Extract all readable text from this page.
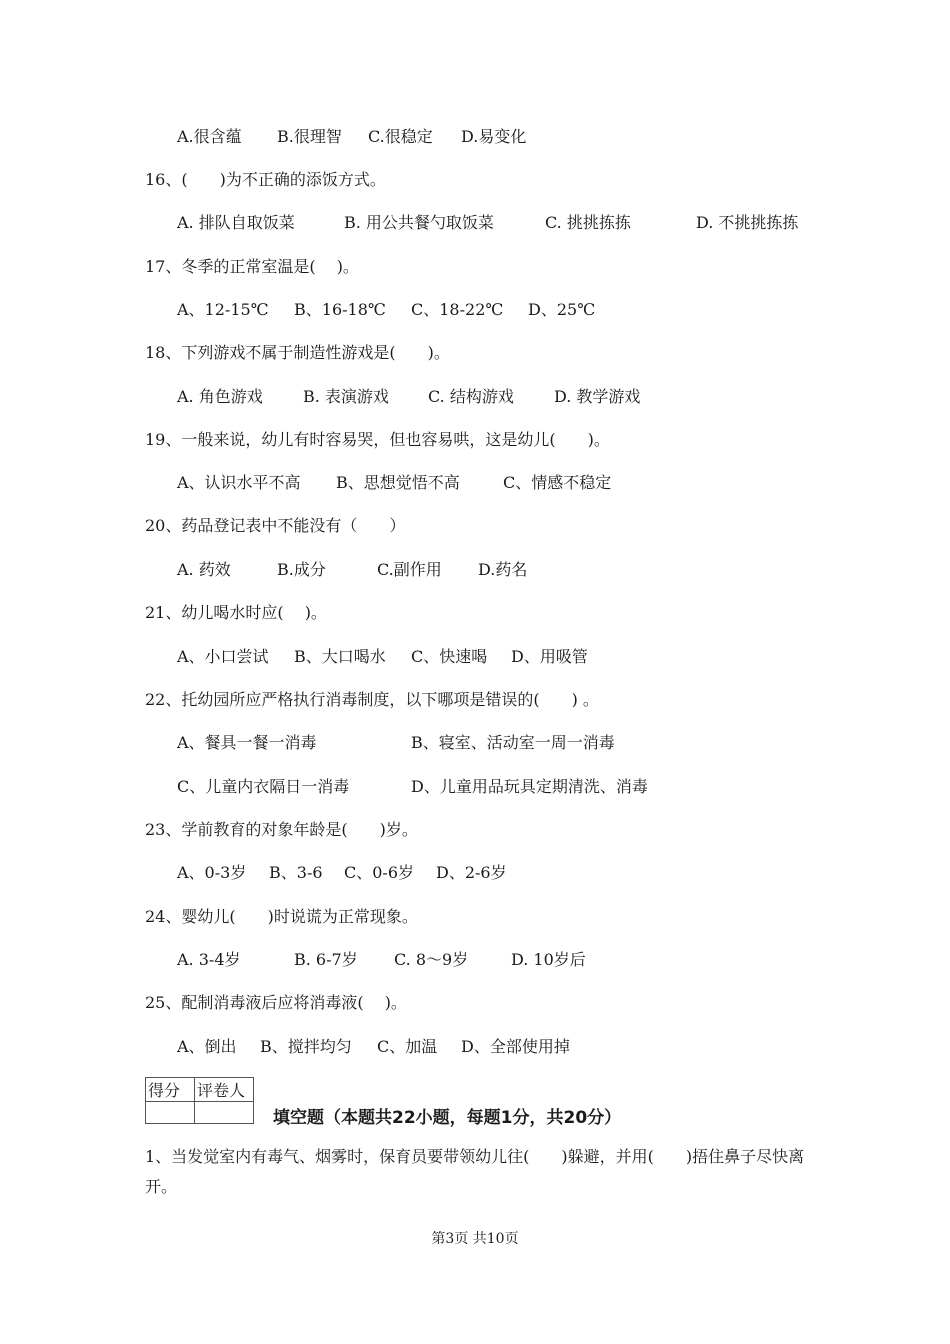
A.很含蕴 B.很理智 C.很稳定 D.易变化
16、(　　)为不正确的添饭方式。
A. 排队自取饭菜	B. 用公共餐勺取饭菜	C. 挑挑拣拣	D. 不挑挑拣拣
17、冬季的正常室温是(　 )。
A、12-15℃ B、16-18℃ C、18-22℃ D、25℃
18、下列游戏不属于制造性游戏是(　　)。
A. 角色游戏	B. 表演游戏 C. 结构游戏	D. 教学游戏
19、一般来说，幼儿有时容易哭，但也容易哄，这是幼儿(　　)。
A、认识水平不高 B、思想觉悟不高	C、情感不稳定
20、药品登记表中不能没有（　　）
A. 药效	B.成分	C.副作用 D.药名
21、幼儿喝水时应(　 )。
A、小口尝试 B、大口喝水 C、快速喝 D、用吸管
22、托幼园所应严格执行消毒制度，以下哪项是错误的(　　) 。
A、餐具一餐一消毒	B、寝室、活动室一周一消毒
C、儿童内衣隔日一消毒	D、儿童用品玩具定期清洗、消毒
23、学前教育的对象年龄是(　　)岁。
A、0-3岁 B、3-6 C、0-6岁 D、2-6岁
24、婴幼儿(　　)时说谎为正常现象。
A. 3-4岁	B. 6-7岁 C. 8～9岁	D. 10岁后
25、配制消毒液后应将消毒液(　 )。
A、倒出 B、搅拌均匀 C、加温 D、全部使用掉
得分	评卷人

填空题（本题共22小题，每题1分，共20分）
1、当发觉室内有毒气、烟雾时，保育员要带领幼儿往(　　)躲避，并用(　　)捂住鼻子尽快离开。
第3页 共10页
